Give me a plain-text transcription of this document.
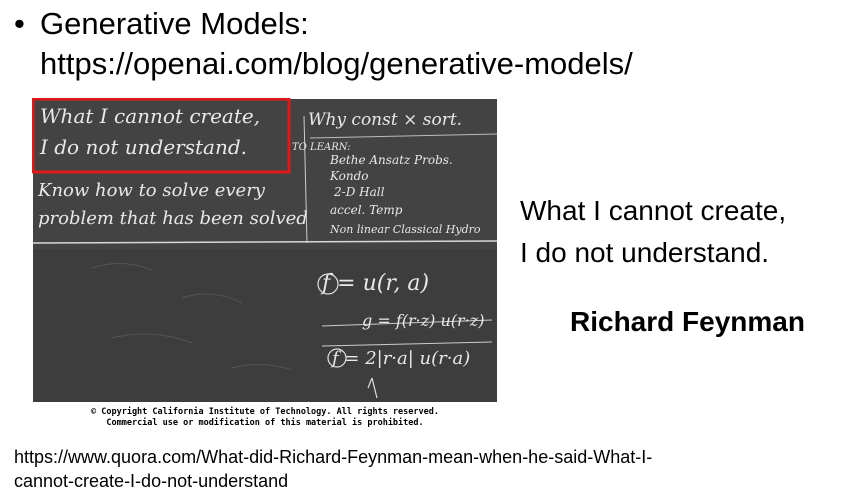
• Generative Models:
https://openai.com/blog/generative-models/
What I cannot create,
I do not understand.
Why const × sort.
TO LEARN:
Bethe Ansatz Probs.
Kondo
2-D Hall
accel. Temp
Non linear Classical Hydro
Know how to solve every
problem that has been solved
f = u(r, a)
g = f(r·z) u(r·z)
f = 2|r·a| u(r·a)
© Copyright California Institute of Technology. All rights reserved.
Commercial use or modification of this material is prohibited.
What I cannot create,
I do not understand.
Richard Feynman
https://www.quora.com/What-did-Richard-Feynman-mean-when-he-said-What-I-
cannot-create-I-do-not-understand
